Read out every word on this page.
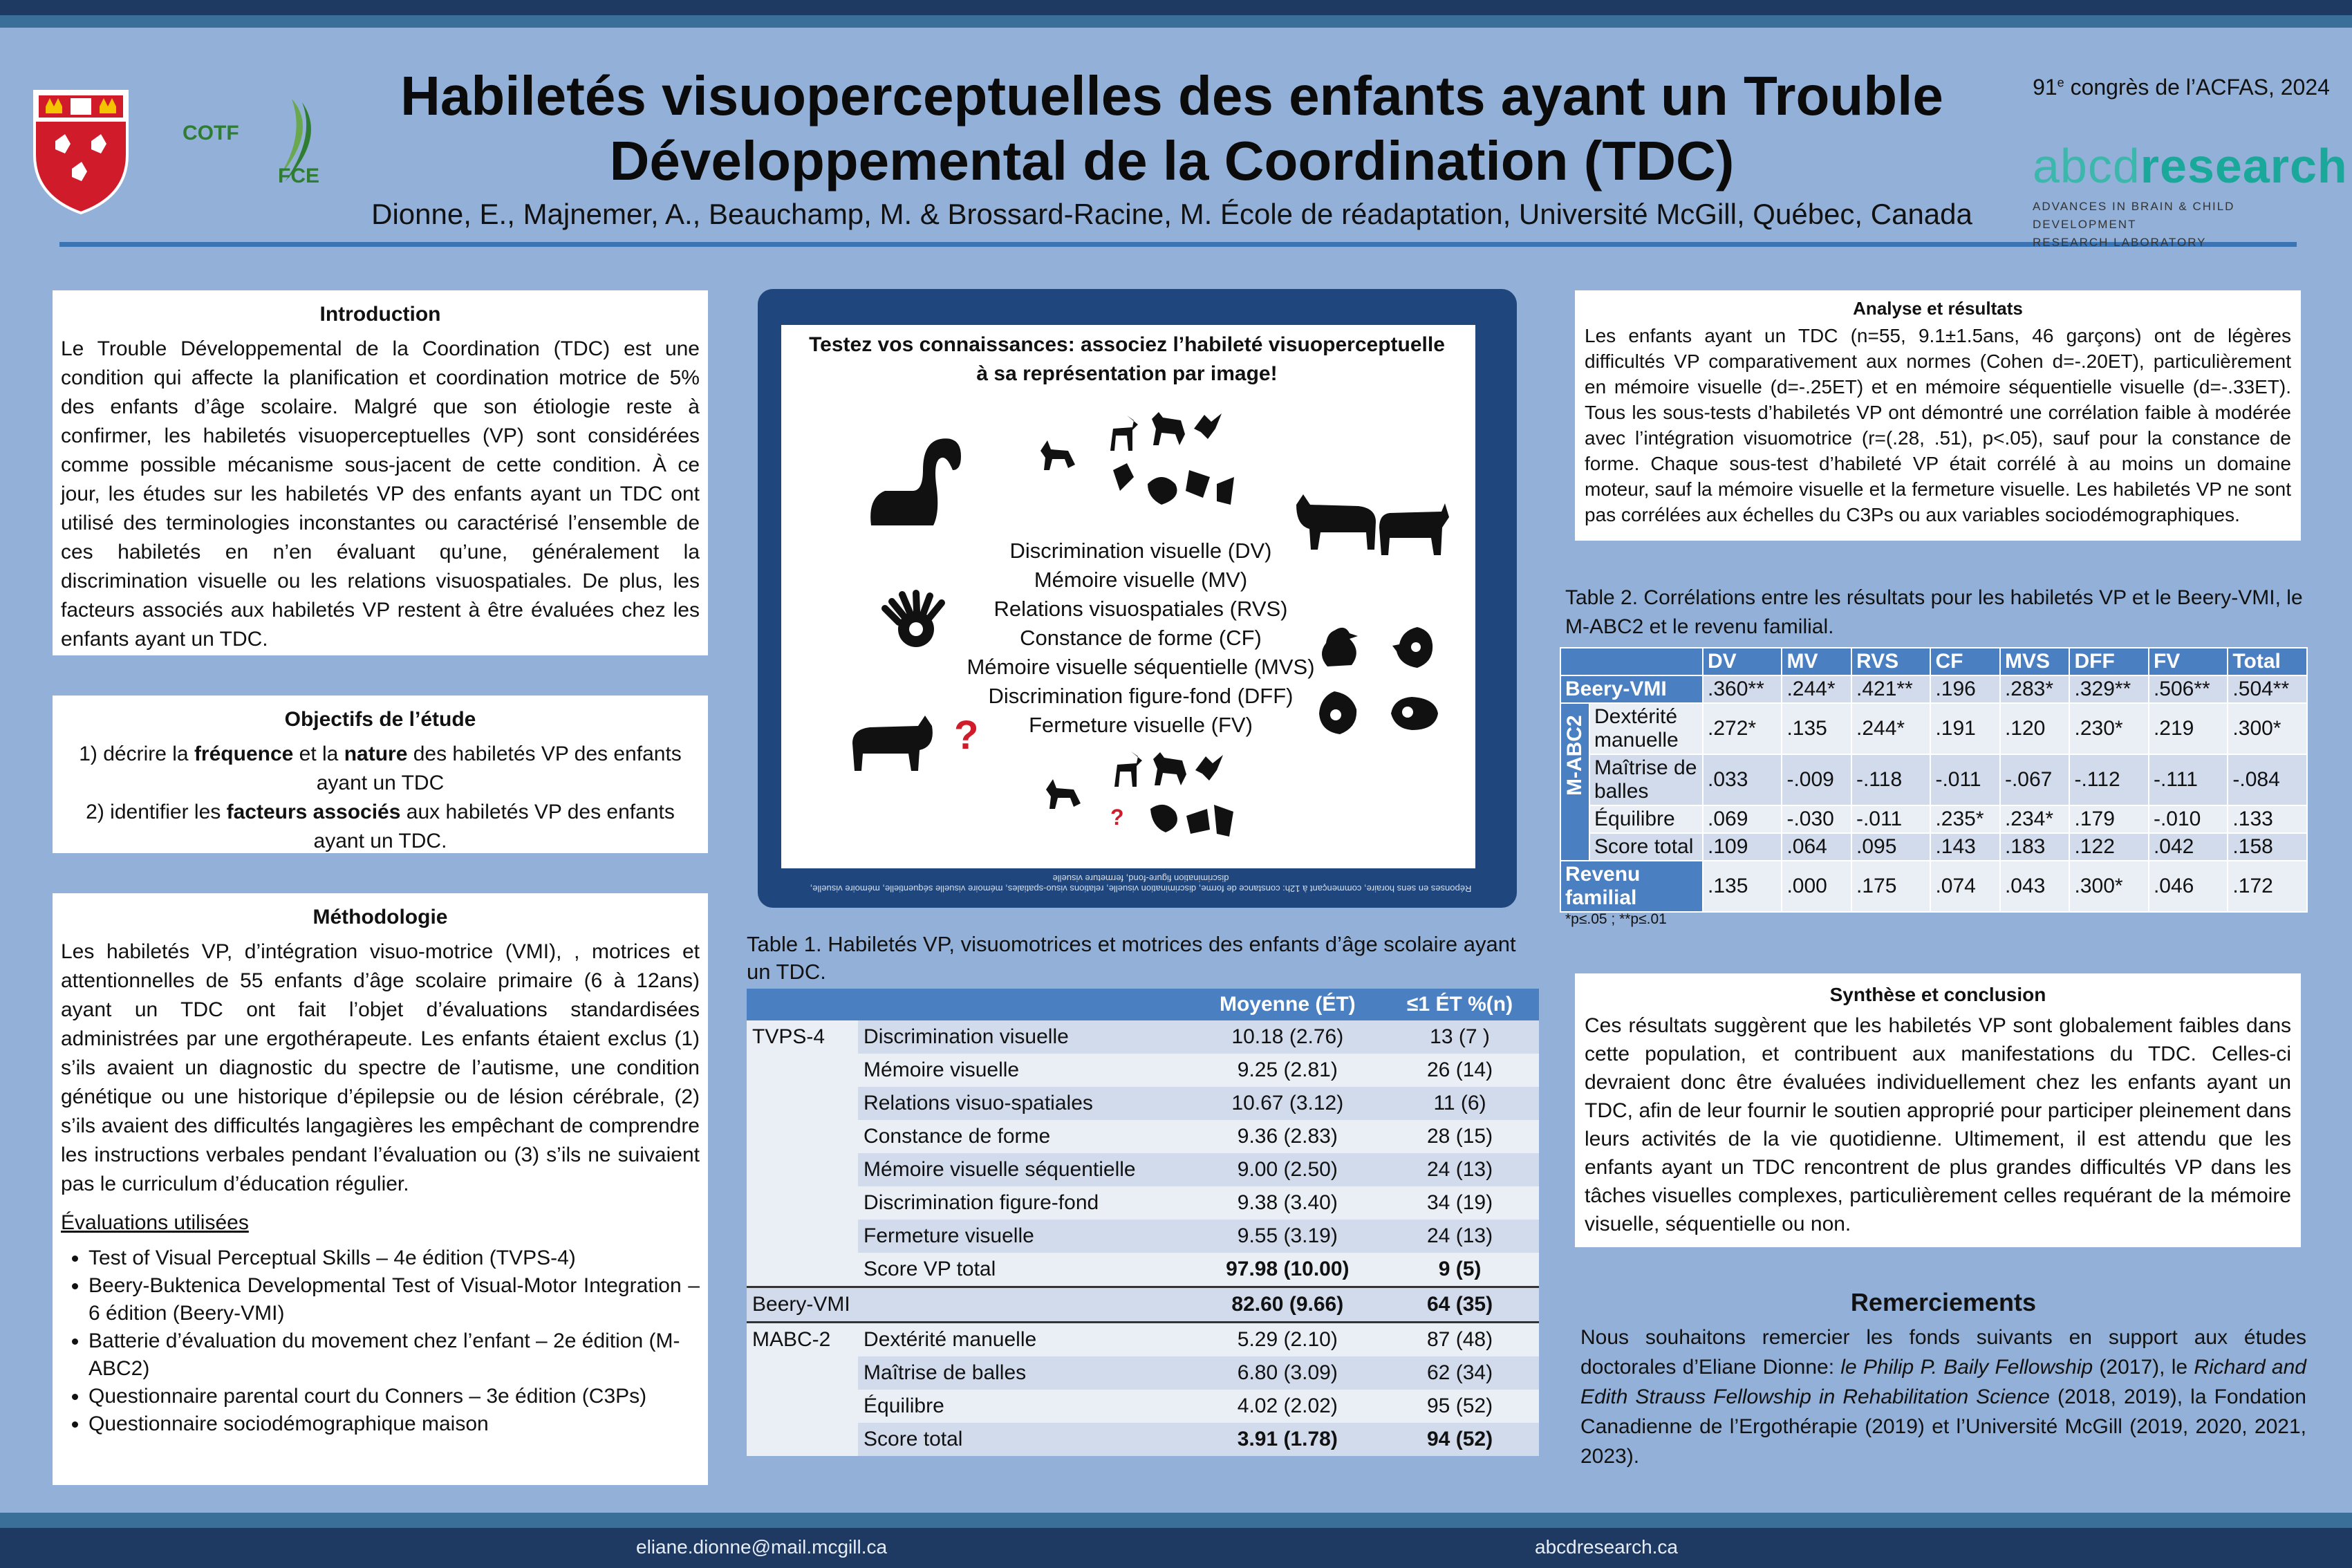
COTF
FCE
Habiletés visuoperceptuelles des enfants ayant un Trouble Développemental de la Coordination (TDC)
Dionne, E., Majnemer, A., Beauchamp, M. & Brossard-Racine, M. École de réadaptation, Université McGill, Québec, Canada
91e congrès de l’ACFAS, 2024
abcdresearch
ADVANCES IN BRAIN & CHILD DEVELOPMENT
RESEARCH LABORATORY
Introduction

Le Trouble Développemental de la Coordination (TDC) est une condition qui affecte la planification et coordination motrice de 5% des enfants d’âge scolaire. Malgré que son étiologie reste à confirmer, les habiletés visuoperceptuelles (VP) sont considérées comme possible mécanisme sous-jacent de cette condition. À ce jour, les études sur les habiletés VP des enfants ayant un TDC ont utilisé des terminologies inconstantes ou caractérisé l’ensemble de ces habiletés en n’en évaluant qu’une, généralement la discrimination visuelle ou les relations visuospatiales. De plus, les facteurs associés aux habiletés VP restent à être évaluées chez les enfants ayant un TDC.

Objectifs de l’étude
1) décrire la fréquence et la nature des habiletés VP des enfants ayant un TDC
2) identifier les facteurs associés aux habiletés VP des enfants ayant un TDC.
Méthodologie

Les habiletés VP, d’intégration visuo-motrice (VMI), , motrices et attentionnelles de 55 enfants d’âge scolaire primaire (6 à 12ans) ayant un TDC ont fait l’objet d’évaluations standardisées administrées par une ergothérapeute. Les enfants étaient exclus (1) s’ils avaient un diagnostic du spectre de l’autisme, une condition génétique ou une historique d’épilepsie ou de lésion cérébrale, (2) s’ils avaient des difficultés langagières les empêchant de comprendre les instructions verbales pendant l’évaluation ou (3) s’ils ne suivaient pas le curriculum d’éducation régulier.

Évaluations utilisées
• Test of Visual Perceptual Skills – 4e édition (TVPS-4)
• Beery-Buktenica Developmental Test of Visual-Motor Integration – 6 édition (Beery-VMI)
• Batterie d’évaluation du movement chez l’enfant – 2e édition (M-ABC2)
• Questionnaire parental court du Conners – 3e édition (C3Ps)
• Questionnaire sociodémographique maison
Testez vos connaissances: associez l’habileté visuoperceptuelle à sa représentation par image!
Discrimination visuelle (DV)
Mémoire visuelle (MV)
Relations visuospatiales (RVS)
Constance de forme (CF)
Mémoire visuelle séquentielle (MVS)
Discrimination figure-fond (DFF)
Fermeture visuelle (FV)
Réponses en sens horaire, commençant à 12h: constance de forme, discrimination visuelle, relations visuo-spatiales, mémoire visuelle séquentielle, mémoire visuelle, discrimination figure-fond, fermeture visuelle
?
?
Table 1. Habiletés VP, visuomotrices et motrices des enfants d’âge scolaire ayant un TDC.
		Moyenne (ÉT)	≤1 ÉT %(n)
TVPS-4	Discrimination visuelle	10.18 (2.76)	13 (7 )
	Mémoire visuelle	9.25 (2.81)	26 (14)
	Relations visuo-spatiales	10.67 (3.12)	11 (6)
	Constance de forme	9.36 (2.83)	28 (15)
	Mémoire visuelle séquentielle	9.00 (2.50)	24 (13)
	Discrimination figure-fond	9.38 (3.40)	34 (19)
	Fermeture visuelle	9.55 (3.19)	24 (13)
	Score VP total	97.98 (10.00)	9 (5)
Beery-VMI		82.60 (9.66)	64 (35)
MABC-2	Dextérité manuelle	5.29 (2.10)	87 (48)
	Maîtrise de balles	6.80 (3.09)	62 (34)
	Équilibre	4.02 (2.02)	95 (52)
	Score total	3.91 (1.78)	94 (52)
Analyse et résultats

Les enfants ayant un TDC (n=55, 9.1±1.5ans, 46 garçons) ont de légères difficultés VP comparativement aux normes (Cohen d=-.20ET), particulièrement en mémoire visuelle (d=-.25ET) et en mémoire séquentielle visuelle (d=-.33ET). Tous les sous-tests d’habiletés VP ont démontré une corrélation faible à modérée avec l’intégration visuomotrice (r=(.28, .51), p<.05), sauf pour la constance de forme. Chaque sous-test d’habileté VP était corrélé à au moins un domaine moteur, sauf la mémoire visuelle et la fermeture visuelle. Les habiletés VP ne sont pas corrélées aux échelles du C3Ps ou aux variables sociodémographiques.

Table 2. Corrélations entre les résultats pour les habiletés VP et le Beery-VMI, le M-ABC2 et le revenu familial.
		DV	MV	RVS	CF	MVS	DFF	FV	Total
Beery-VMI		.360**	.244*	.421**	.196	.283*	.329**	.506**	.504**

M-ABC2	Dextérité manuelle	.272*	.135	.244*	.191	.120	.230*	.219	.300*
	Maîtrise de balles	.033	-.009	-.118	-.011	-.067	-.112	-.111	-.084
	Équilibre	.069	-.030	-.011	.235*	.234*	.179	-.010	.133
	Score total	.109	.064	.095	.143	.183	.122	.042	.158
Revenu familial		.135	.000	.175	.074	.043	.300*	.046	.172
*p≤.05 ; **p≤.01
Synthèse et conclusion

Ces résultats suggèrent que les habiletés VP sont globalement faibles dans cette population, et contribuent aux manifestations du TDC. Celles-ci devraient donc être évaluées individuellement chez les enfants ayant un TDC, afin de leur fournir le soutien approprié pour participer pleinement dans leurs activités de la vie quotidienne. Ultimement, il est attendu que les enfants ayant un TDC rencontrent de plus grandes difficultés VP dans les tâches visuelles complexes, particulièrement celles requérant de la mémoire visuelle, séquentielle ou non.

Remerciements

Nous souhaitons remercier les fonds suivants en support aux études doctorales d’Eliane Dionne: le Philip P. Baily Fellowship (2017), le Richard and Edith Strauss Fellowship in Rehabilitation Science (2018, 2019), la Fondation Canadienne de l’Ergothérapie (2019) et l’Université McGill (2019, 2020, 2021, 2023).

eliane.dionne@mail.mcgill.ca	abcdresearch.ca
